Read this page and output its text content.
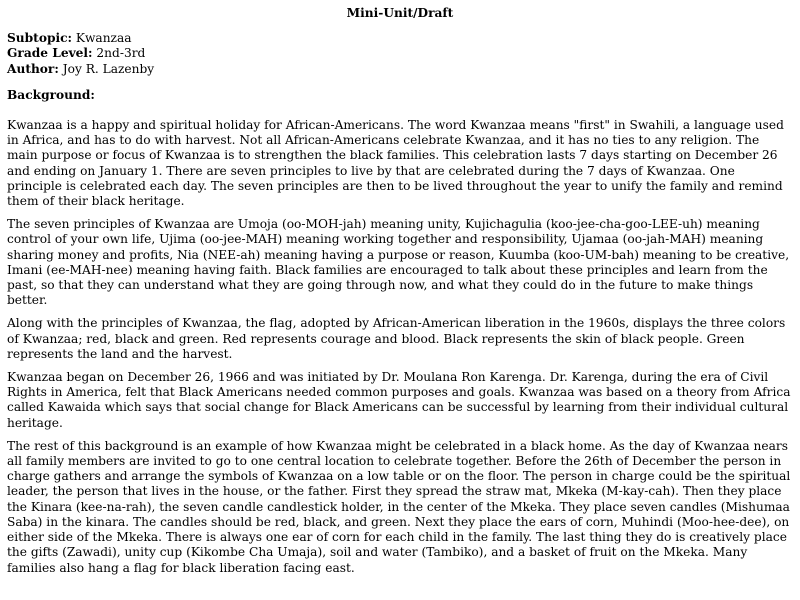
Mini-Unit/Draft
Subtopic: Kwanzaa
Grade Level: 2nd-3rd
Author: Joy R. Lazenby
Background:

Kwanzaa is a happy and spiritual holiday for African-Americans. The word Kwanzaa means "first" in Swahili, a language used in Africa, and has to do with harvest. Not all African-Americans celebrate Kwanzaa, and it has no ties to any religion. The main purpose or focus of Kwanzaa is to strengthen the black families. This celebration lasts 7 days starting on December 26 and ending on January 1. There are seven principles to live by that are celebrated during the 7 days of Kwanzaa. One principle is celebrated each day. The seven principles are then to be lived throughout the year to unify the family and remind them of their black heritage.

The seven principles of Kwanzaa are Umoja (oo-MOH-jah) meaning unity, Kujichagulia (koo-jee-cha-goo-LEE-uh) meaning control of your own life, Ujima (oo-jee-MAH) meaning working together and responsibility, Ujamaa (oo-jah-MAH) meaning sharing money and profits, Nia (NEE-ah) meaning having a purpose or reason, Kuumba (koo-UM-bah) meaning to be creative, Imani (ee-MAH-nee) meaning having faith. Black families are encouraged to talk about these principles and learn from the past, so that they can understand what they are going through now, and what they could do in the future to make things better.

Along with the principles of Kwanzaa, the flag, adopted by African-American liberation in the 1960s, displays the three colors of Kwanzaa; red, black and green. Red represents courage and blood. Black represents the skin of black people. Green represents the land and the harvest.

Kwanzaa began on December 26, 1966 and was initiated by Dr. Moulana Ron Karenga. Dr. Karenga, during the era of Civil Rights in America, felt that Black Americans needed common purposes and goals. Kwanzaa was based on a theory from Africa called Kawaida which says that social change for Black Americans can be successful by learning from their individual cultural heritage.

The rest of this background is an example of how Kwanzaa might be celebrated in a black home. As the day of Kwanzaa nears all family members are invited to go to one central location to celebrate together. Before the 26th of December the person in charge gathers and arrange the symbols of Kwanzaa on a low table or on the floor. The person in charge could be the spiritual leader, the person that lives in the house, or the father. First they spread the straw mat, Mkeka (M-kay-cah). Then they place the Kinara (kee-na-rah), the seven candle candlestick holder, in the center of the Mkeka. They place seven candles (Mishumaa Saba) in the kinara. The candles should be red, black, and green. Next they place the ears of corn, Muhindi (Moo-hee-dee), on either side of the Mkeka. There is always one ear of corn for each child in the family. The last thing they do is creatively place the gifts (Zawadi), unity cup (Kikombe Cha Umaja), soil and water (Tambiko), and a basket of fruit on the Mkeka. Many families also hang a flag for black liberation facing east.
